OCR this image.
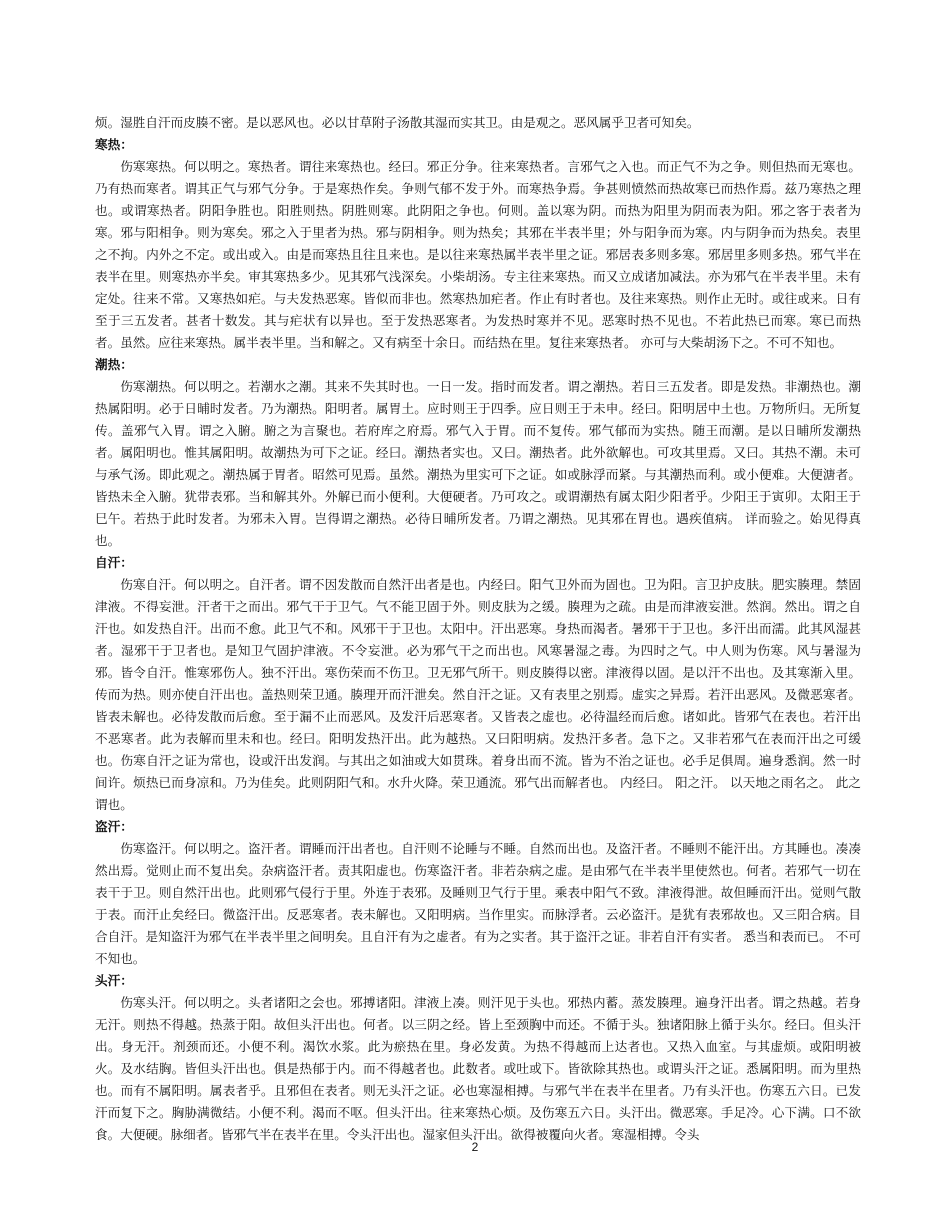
烦。湿胜自汗而皮腠不密。是以恶风也。必以甘草附子汤散其湿而实其卫。由是观之。恶风属乎卫者可知矣。

寒热：

伤寒寒热。何以明之。寒热者。谓往来寒热也。经曰。邪正分争。往来寒热者。言邪气之入也。而正气不为之争。则但热而无寒也。乃有热而寒者。谓其正气与邪气分争。于是寒热作矣。争则气郁不发于外。而寒热争焉。争甚则愤然而热故寒已而热作焉。兹乃寒热之理也。或谓寒热者。阴阳争胜也。阳胜则热。阴胜则寒。此阴阳之争也。何则。盖以寒为阴。而热为阳里为阴而表为阳。邪之客于表者为寒。邪与阳相争。则为寒矣。邪之入于里者为热。邪与阴相争。则为热矣；其邪在半表半里；外与阳争而为寒。内与阴争而为热矣。表里之不拘。内外之不定。或出或入。由是而寒热且往且来也。是以往来寒热属半表半里之证。邪居表多则多寒。邪居里多则多热。邪气半在表半在里。则寒热亦半矣。审其寒热多少。见其邪气浅深矣。小柴胡汤。专主往来寒热。而又立成诸加减法。亦为邪气在半表半里。未有定处。往来不常。又寒热如疟。与夫发热恶寒。皆似而非也。然寒热加疟者。作止有时者也。及往来寒热。则作止无时。或往或来。日有至于三五发者。甚者十数发。其与疟状有以异也。至于发热恶寒者。为发热时寒并不见。恶寒时热不见也。不若此热已而寒。寒已而热者。虽然。应往来寒热。属半表半里。当和解之。又有病至十余日。而结热在里。复往来寒热者。 亦可与大柴胡汤下之。不可不知也。

潮热：

伤寒潮热。何以明之。若潮水之潮。其来不失其时也。一日一发。指时而发者。谓之潮热。若日三五发者。即是发热。非潮热也。潮热属阳明。必于日晡时发者。乃为潮热。阳明者。属胃土。应时则王于四季。应日则王于未申。经曰。阳明居中土也。万物所归。无所复传。盖邪气入胃。谓之入腑。腑之为言聚也。若府库之府焉。邪气入于胃。而不复传。邪气郁而为实热。随王而潮。是以日晡所发潮热者。属阳明也。惟其属阳明。故潮热为可下之证。经曰。潮热者实也。又曰。潮热者。此外欲解也。可攻其里焉。又曰。其热不潮。未可与承气汤。即此观之。潮热属于胃者。昭然可见焉。虽然。潮热为里实可下之证。如或脉浮而紧。与其潮热而利。或小便难。大便溏者。皆热未全入腑。犹带表邪。当和解其外。外解已而小便利。大便硬者。乃可攻之。或谓潮热有属太阳少阳者乎。少阳王于寅卯。太阳王于巳午。若热于此时发者。为邪未入胃。岂得谓之潮热。必待日晡所发者。乃谓之潮热。见其邪在胃也。遇疾值病。 详而验之。始见得真也。

自汗：

伤寒自汗。何以明之。自汗者。谓不因发散而自然汗出者是也。内经曰。阳气卫外而为固也。卫为阳。言卫护皮肤。肥实腠理。禁固津液。不得妄泄。汗者干之而出。邪气干于卫气。气不能卫固于外。则皮肤为之缓。腠理为之疏。由是而津液妄泄。然润。然出。谓之自汗也。如发热自汗。出而不愈。此卫气不和。风邪干于卫也。太阳中。汗出恶寒。身热而渴者。暑邪干于卫也。多汗出而濡。此其风湿甚者。湿邪干于卫者也。是知卫气固护津液。不令妄泄。必为邪气干之而出也。风寒暑湿之毒。为四时之气。中人则为伤寒。风与暑湿为邪。皆令自汗。惟寒邪伤人。独不汗出。寒伤荣而不伤卫。卫无邪气所干。则皮腠得以密。津液得以固。是以汗不出也。及其寒渐入里。传而为热。则亦使自汗出也。盖热则荣卫通。腠理开而汗泄矣。然自汗之证。又有表里之别焉。虚实之异焉。若汗出恶风。及微恶寒者。皆表未解也。必待发散而后愈。至于漏不止而恶风。及发汗后恶寒者。又皆表之虚也。必待温经而后愈。诸如此。皆邪气在表也。若汗出不恶寒者。此为表解而里未和也。经曰。阳明发热汗出。此为越热。又曰阳明病。发热汗多者。急下之。又非若邪气在表而汗出之可缓也。伤寒自汗之证为常也，设或汗出发润。与其出之如油或大如贯珠。着身出而不流。皆为不治之证也。必手足俱周。遍身悉润。然一时间许。烦热已而身凉和。乃为佳矣。此则阴阳气和。水升火降。荣卫通流。邪气出而解者也。 内经曰。 阳之汗。 以天地之雨名之。 此之谓也。

盗汗：

伤寒盗汗。何以明之。盗汗者。谓睡而汗出者也。自汗则不论睡与不睡。自然而出也。及盗汗者。不睡则不能汗出。方其睡也。凑凑然出焉。觉则止而不复出矣。杂病盗汗者。责其阳虚也。伤寒盗汗者。非若杂病之虚。是由邪气在半表半里使然也。何者。若邪气一切在表干于卫。则自然汗出也。此则邪气侵行于里。外连于表邪。及睡则卫气行于里。乘表中阳气不致。津液得泄。故但睡而汗出。觉则气散于表。而汗止矣经曰。微盗汗出。反恶寒者。表未解也。又阳明病。当作里实。而脉浮者。云必盗汗。是犹有表邪故也。又三阳合病。目合自汗。是知盗汗为邪气在半表半里之间明矣。且自汗有为之虚者。有为之实者。其于盗汗之证。非若自汗有实者。 悉当和表而已。 不可不知也。

头汗：

伤寒头汗。何以明之。头者诸阳之会也。邪搏诸阳。津液上凑。则汗见于头也。邪热内蓄。蒸发腠理。遍身汗出者。谓之热越。若身无汗。则热不得越。热蒸于阳。故但头汗出也。何者。以三阴之经。皆上至颈胸中而还。不循于头。独诸阳脉上循于头尔。经曰。但头汗出。身无汗。剂颈而还。小便不利。渴饮水浆。此为瘀热在里。身必发黄。为热不得越而上达者也。又热入血室。与其虚烦。或阳明被火。及水结胸。皆但头汗出也。俱是热郁于内。而不得越者也。此数者。或吐或下。皆欲除其热也。或谓头汗之证。悉属阳明。而为里热也。而有不属阳明。属表者乎。且邪但在表者。则无头汗之证。必也寒湿相搏。与邪气半在表半在里者。乃有头汗也。伤寒五六日。已发汗而复下之。胸胁满微结。小便不利。渴而不呕。但头汗出。往来寒热心烦。及伤寒五六日。头汗出。微恶寒。手足冷。心下满。口不欲食。大便硬。脉细者。皆邪气半在表半在里。令头汗出也。湿家但头汗出。欲得被覆向火者。寒湿相搏。令头

2
